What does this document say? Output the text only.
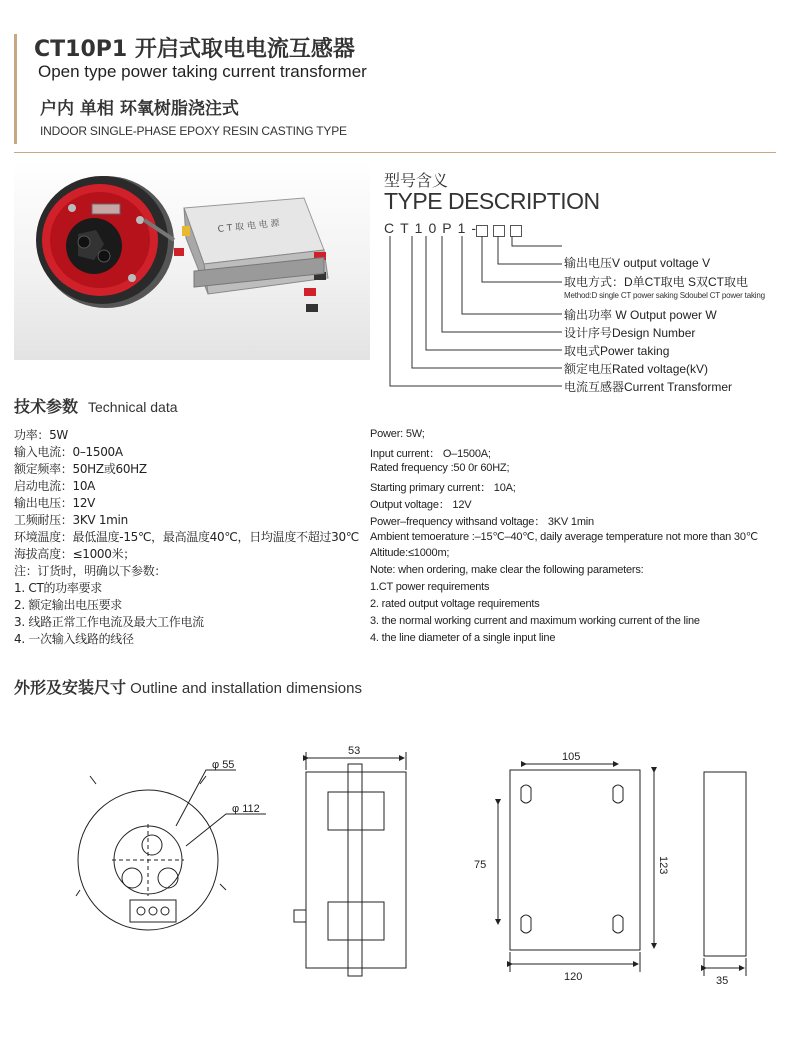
CT10P1 开启式取电电流互感器
Open type power taking current transformer
户内 单相 环氧树脂浇注式
INDOOR SINGLE-PHASE EPOXY RESIN CASTING TYPE
C T 取 电 电 源
型号含义
TYPE DESCRIPTION
CT10P1-
输出电压V output voltage V
取电方式：D单CT取电 S双CT取电
Method:D single CT power saking Sdoubel CT power taking
输出功率 W Output power W
设计序号Design Number
取电式Power taking
额定电压Rated voltage(kV)
电流互感器Current Transformer
技术参数 Technical data
功率：5W
输入电流：0–1500A
额定频率：50HZ或60HZ
启动电流：10A
输出电压：12V
工频耐压：3KV 1min
环境温度：最低温度-15℃，最高温度40℃，日均温度不超过30℃
海拔高度：≤1000米；
注：订货时，明确以下参数：
1. CT的功率要求
2. 额定输出电压要求
3. 线路正常工作电流及最大工作电流
4. 一次输入线路的线径
Power: 5W;
Input current： O–1500A;
Rated frequency :50 0r 60HZ;
Starting primary current： 10A;
Output voltage： 12V
Power–frequency withsand voltage： 3KV 1min
Ambient temoerature :–15℃–40℃, daily average temperature not more than 30℃
Altitude:≤1000m;
Note: when ordering, make clear the following parameters:
1.CT power requirements
2. rated output voltage requirements
3. the normal working current and maximum working current of the line
4. the line diameter of a single input line
外形及安装尺寸 Outline and installation dimensions
φ 55
φ 112
53	105
75	123
120	35
